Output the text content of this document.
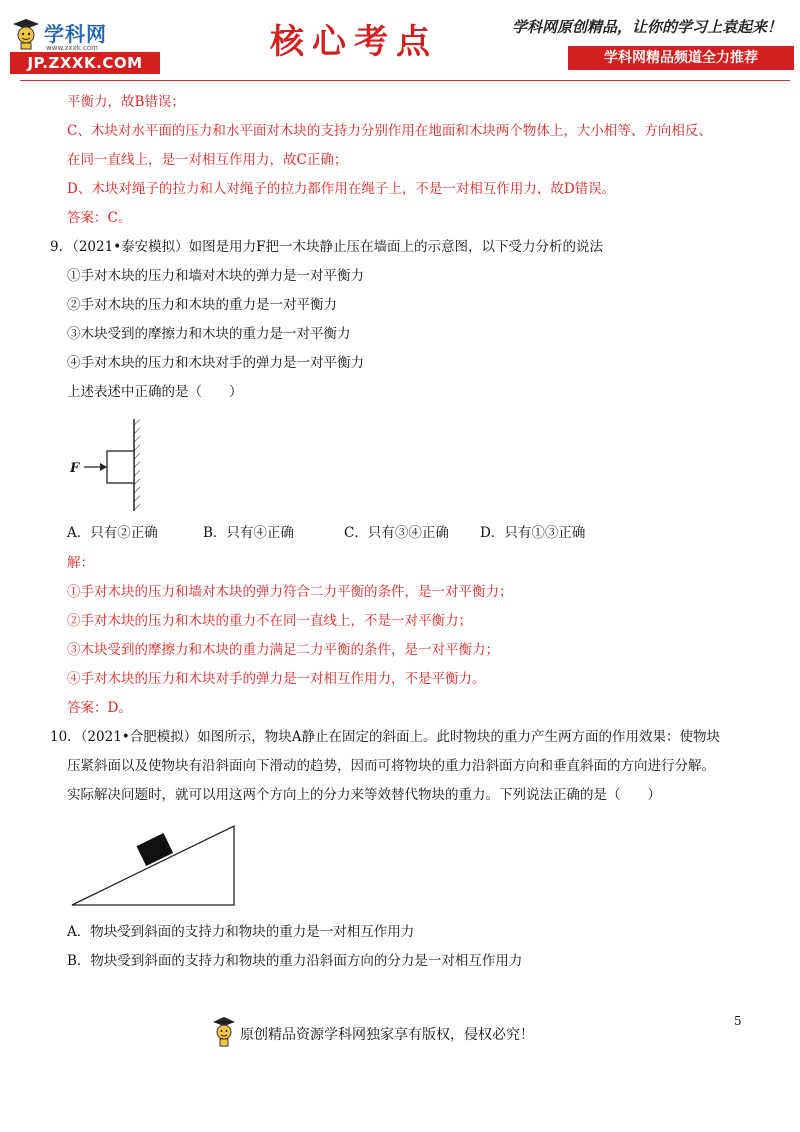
学科网
www.zxxk.com
JP.ZXXK.COM
核心考点	学科网原创精品，让你的学习上袁起来！
学科网精品频道全力推荐
平衡力，故B错误；
C、木块对水平面的压力和水平面对木块的支持力分别作用在地面和木块两个物体上，大小相等、方向相反、
在同一直线上，是一对相互作用力，故C正确；
D、木块对绳子的拉力和人对绳子的拉力都作用在绳子上，不是一对相互作用力，故D错误。
答案：C。
9．（2021•泰安模拟）如图是用力F把一木块静止压在墙面上的示意图，以下受力分析的说法
①手对木块的压力和墙对木块的弹力是一对平衡力
②手对木块的压力和木块的重力是一对平衡力
③木块受到的摩擦力和木块的重力是一对平衡力
④手对木块的压力和木块对手的弹力是一对平衡力
上述表述中正确的是（　　）
F
A．只有②正确	B．只有④正确	C．只有③④正确 D．只有①③正确
解：
①手对木块的压力和墙对木块的弹力符合二力平衡的条件，是一对平衡力；
②手对木块的压力和木块的重力不在同一直线上，不是一对平衡力；
③木块受到的摩擦力和木块的重力满足二力平衡的条件，是一对平衡力；
④手对木块的压力和木块对手的弹力是一对相互作用力，不是平衡力。
答案：D。
10．（2021•合肥模拟）如图所示，物块A静止在固定的斜面上。此时物块的重力产生两方面的作用效果：使物块
压紧斜面以及使物块有沿斜面向下滑动的趋势，因而可将物块的重力沿斜面方向和垂直斜面的方向进行分解。
实际解决问题时，就可以用这两个方向上的分力来等效替代物块的重力。下列说法正确的是（　　）
A．物块受到斜面的支持力和物块的重力是一对相互作用力
B．物块受到斜面的支持力和物块的重力沿斜面方向的分力是一对相互作用力
原创精品资源学科网独家享有版权，侵权必究！
5
